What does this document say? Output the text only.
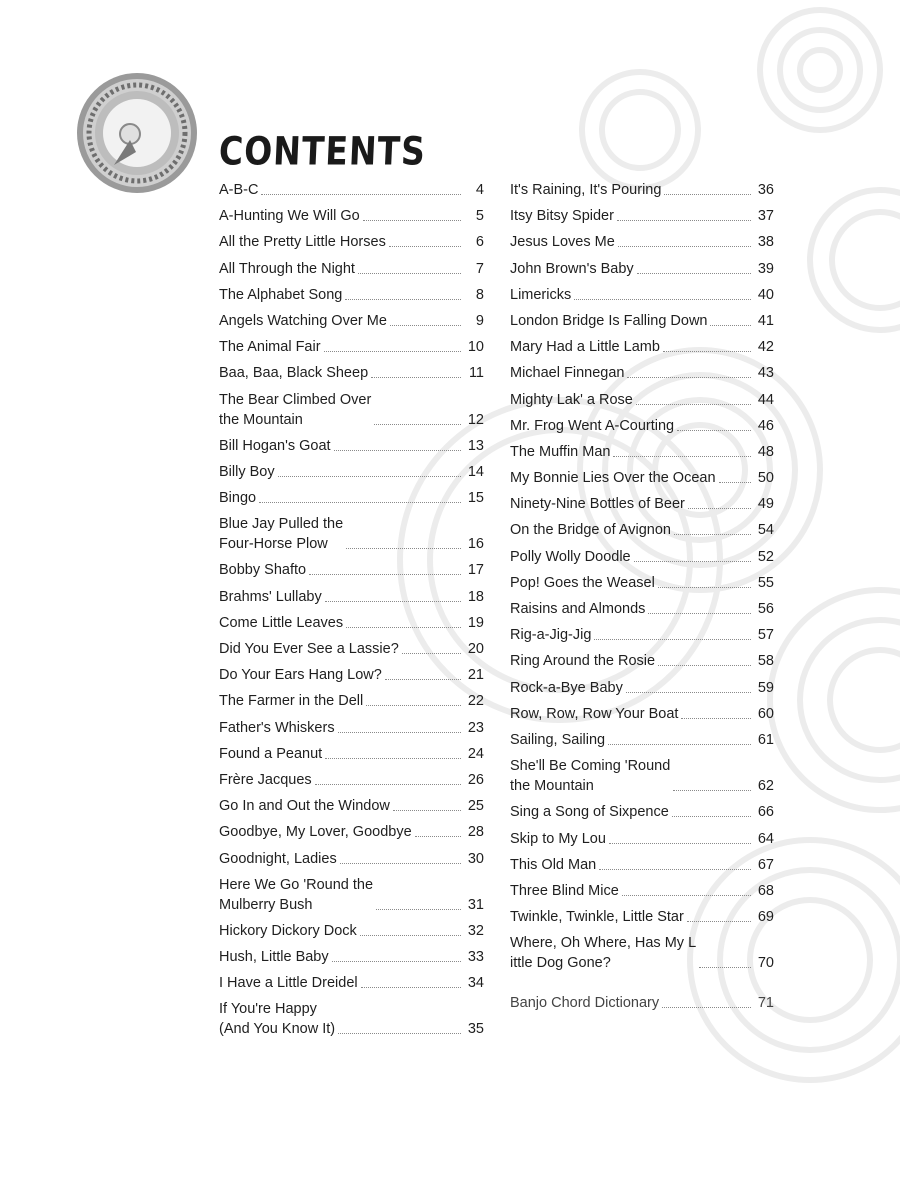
CONTENTS
A-B-C	4
A-Hunting We Will Go	5
All the Pretty Little Horses	6
All Through the Night	7
The Alphabet Song	8
Angels Watching Over Me	9
The Animal Fair	10
Baa, Baa, Black Sheep	11
The Bear Climbed Over
the Mountain	12
Bill Hogan's Goat	13
Billy Boy	14
Bingo	15
Blue Jay Pulled the
Four-Horse Plow	16
Bobby Shafto	17
Brahms' Lullaby	18
Come Little Leaves	19
Did You Ever See a Lassie?	20
Do Your Ears Hang Low?	21
The Farmer in the Dell	22
Father's Whiskers	23
Found a Peanut	24
Frère Jacques	26
Go In and Out the Window	25
Goodbye, My Lover, Goodbye	28
Goodnight, Ladies	30
Here We Go 'Round the
Mulberry Bush	31
Hickory Dickory Dock	32
Hush, Little Baby	33
I Have a Little Dreidel	34
If You're Happy
(And You Know It)	35
It's Raining, It's Pouring	36
Itsy Bitsy Spider	37
Jesus Loves Me	38
John Brown's Baby	39
Limericks	40
London Bridge Is Falling Down	41
Mary Had a Little Lamb	42
Michael Finnegan	43
Mighty Lak' a Rose	44
Mr. Frog Went A-Courting	46
The Muffin Man	48
My Bonnie Lies Over the Ocean	50
Ninety-Nine Bottles of Beer	49
On the Bridge of Avignon	54
Polly Wolly Doodle	52
Pop! Goes the Weasel	55
Raisins and Almonds	56
Rig-a-Jig-Jig	57
Ring Around the Rosie	58
Rock-a-Bye Baby	59
Row, Row, Row Your Boat	60
Sailing, Sailing	61
She'll Be Coming 'Round
the Mountain	62
Sing a Song of Sixpence	66
Skip to My Lou	64
This Old Man	67
Three Blind Mice	68
Twinkle, Twinkle, Little Star	69
Where, Oh Where, Has My L
ittle Dog Gone?	70
Banjo Chord Dictionary	71
